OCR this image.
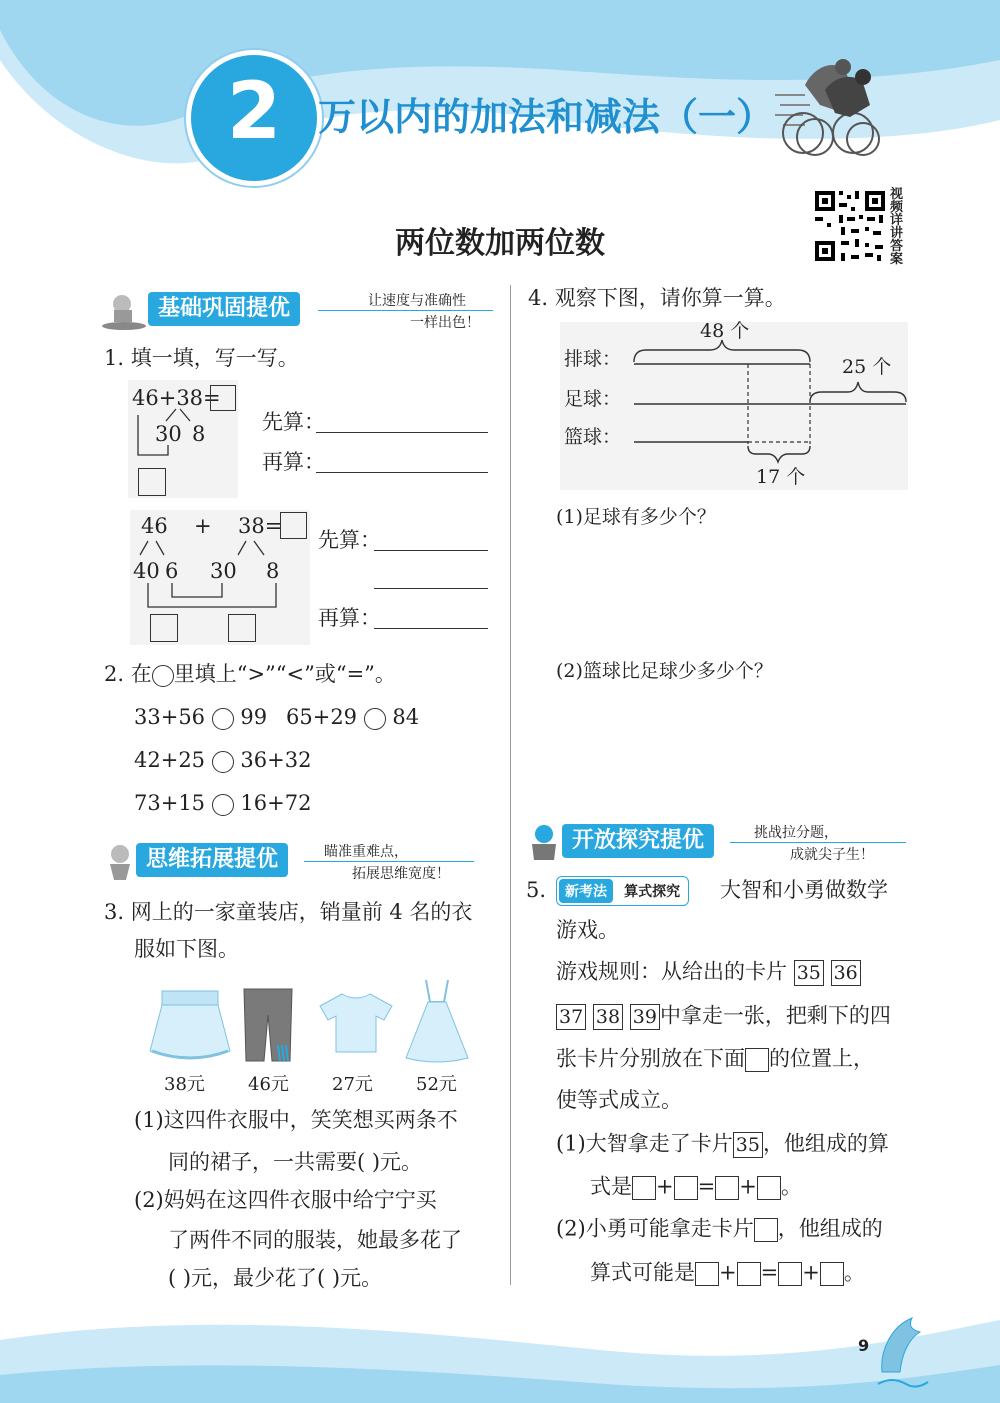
2 万以内的加法和减法（一）
视频详讲答案
两位数加两位数
基础巩固提优	让速度与准确性
一样出色！
1. 填一填，写一写。
46+38=
30 8	先算：
再算：
46 + 38=
40 6 30 8
先算：
再算：
2. 在 里填上“>”“<”或“=”。
33+56 99 65+29 84
42+25 36+32
73+15 16+72
思维拓展提优	瞄准重难点，
拓展思维宽度！
3. 网上的一家童装店，销量前 4 名的衣
服如下图。
38元 46元 27元 52元
(1)这四件衣服中，笑笑想买两条不
同的裙子，一共需要( )元。
(2)妈妈在这四件衣服中给宁宁买
了两件不同的服装，她最多花了
( )元，最少花了( )元。
4. 观察下图，请你算一算。
排球：
足球：
篮球：
48 个
25 个
17 个
(1)足球有多少个？
(2)篮球比足球少多少个？
开放探究提优	挑战拉分题，
成就尖子生！
5.	新考法 算式探究	大智和小勇做数学
游戏。
游戏规则：从给出的卡片 35 36
37 38 39 中拿走一张，把剩下的四
张卡片分别放在下面 的位置上，
使等式成立。
(1)大智拿走了卡片 35 ，他组成的算
式是 + = + 。
(2)小勇可能拿走卡片 ，他组成的
算式可能是 + = + 。
9
